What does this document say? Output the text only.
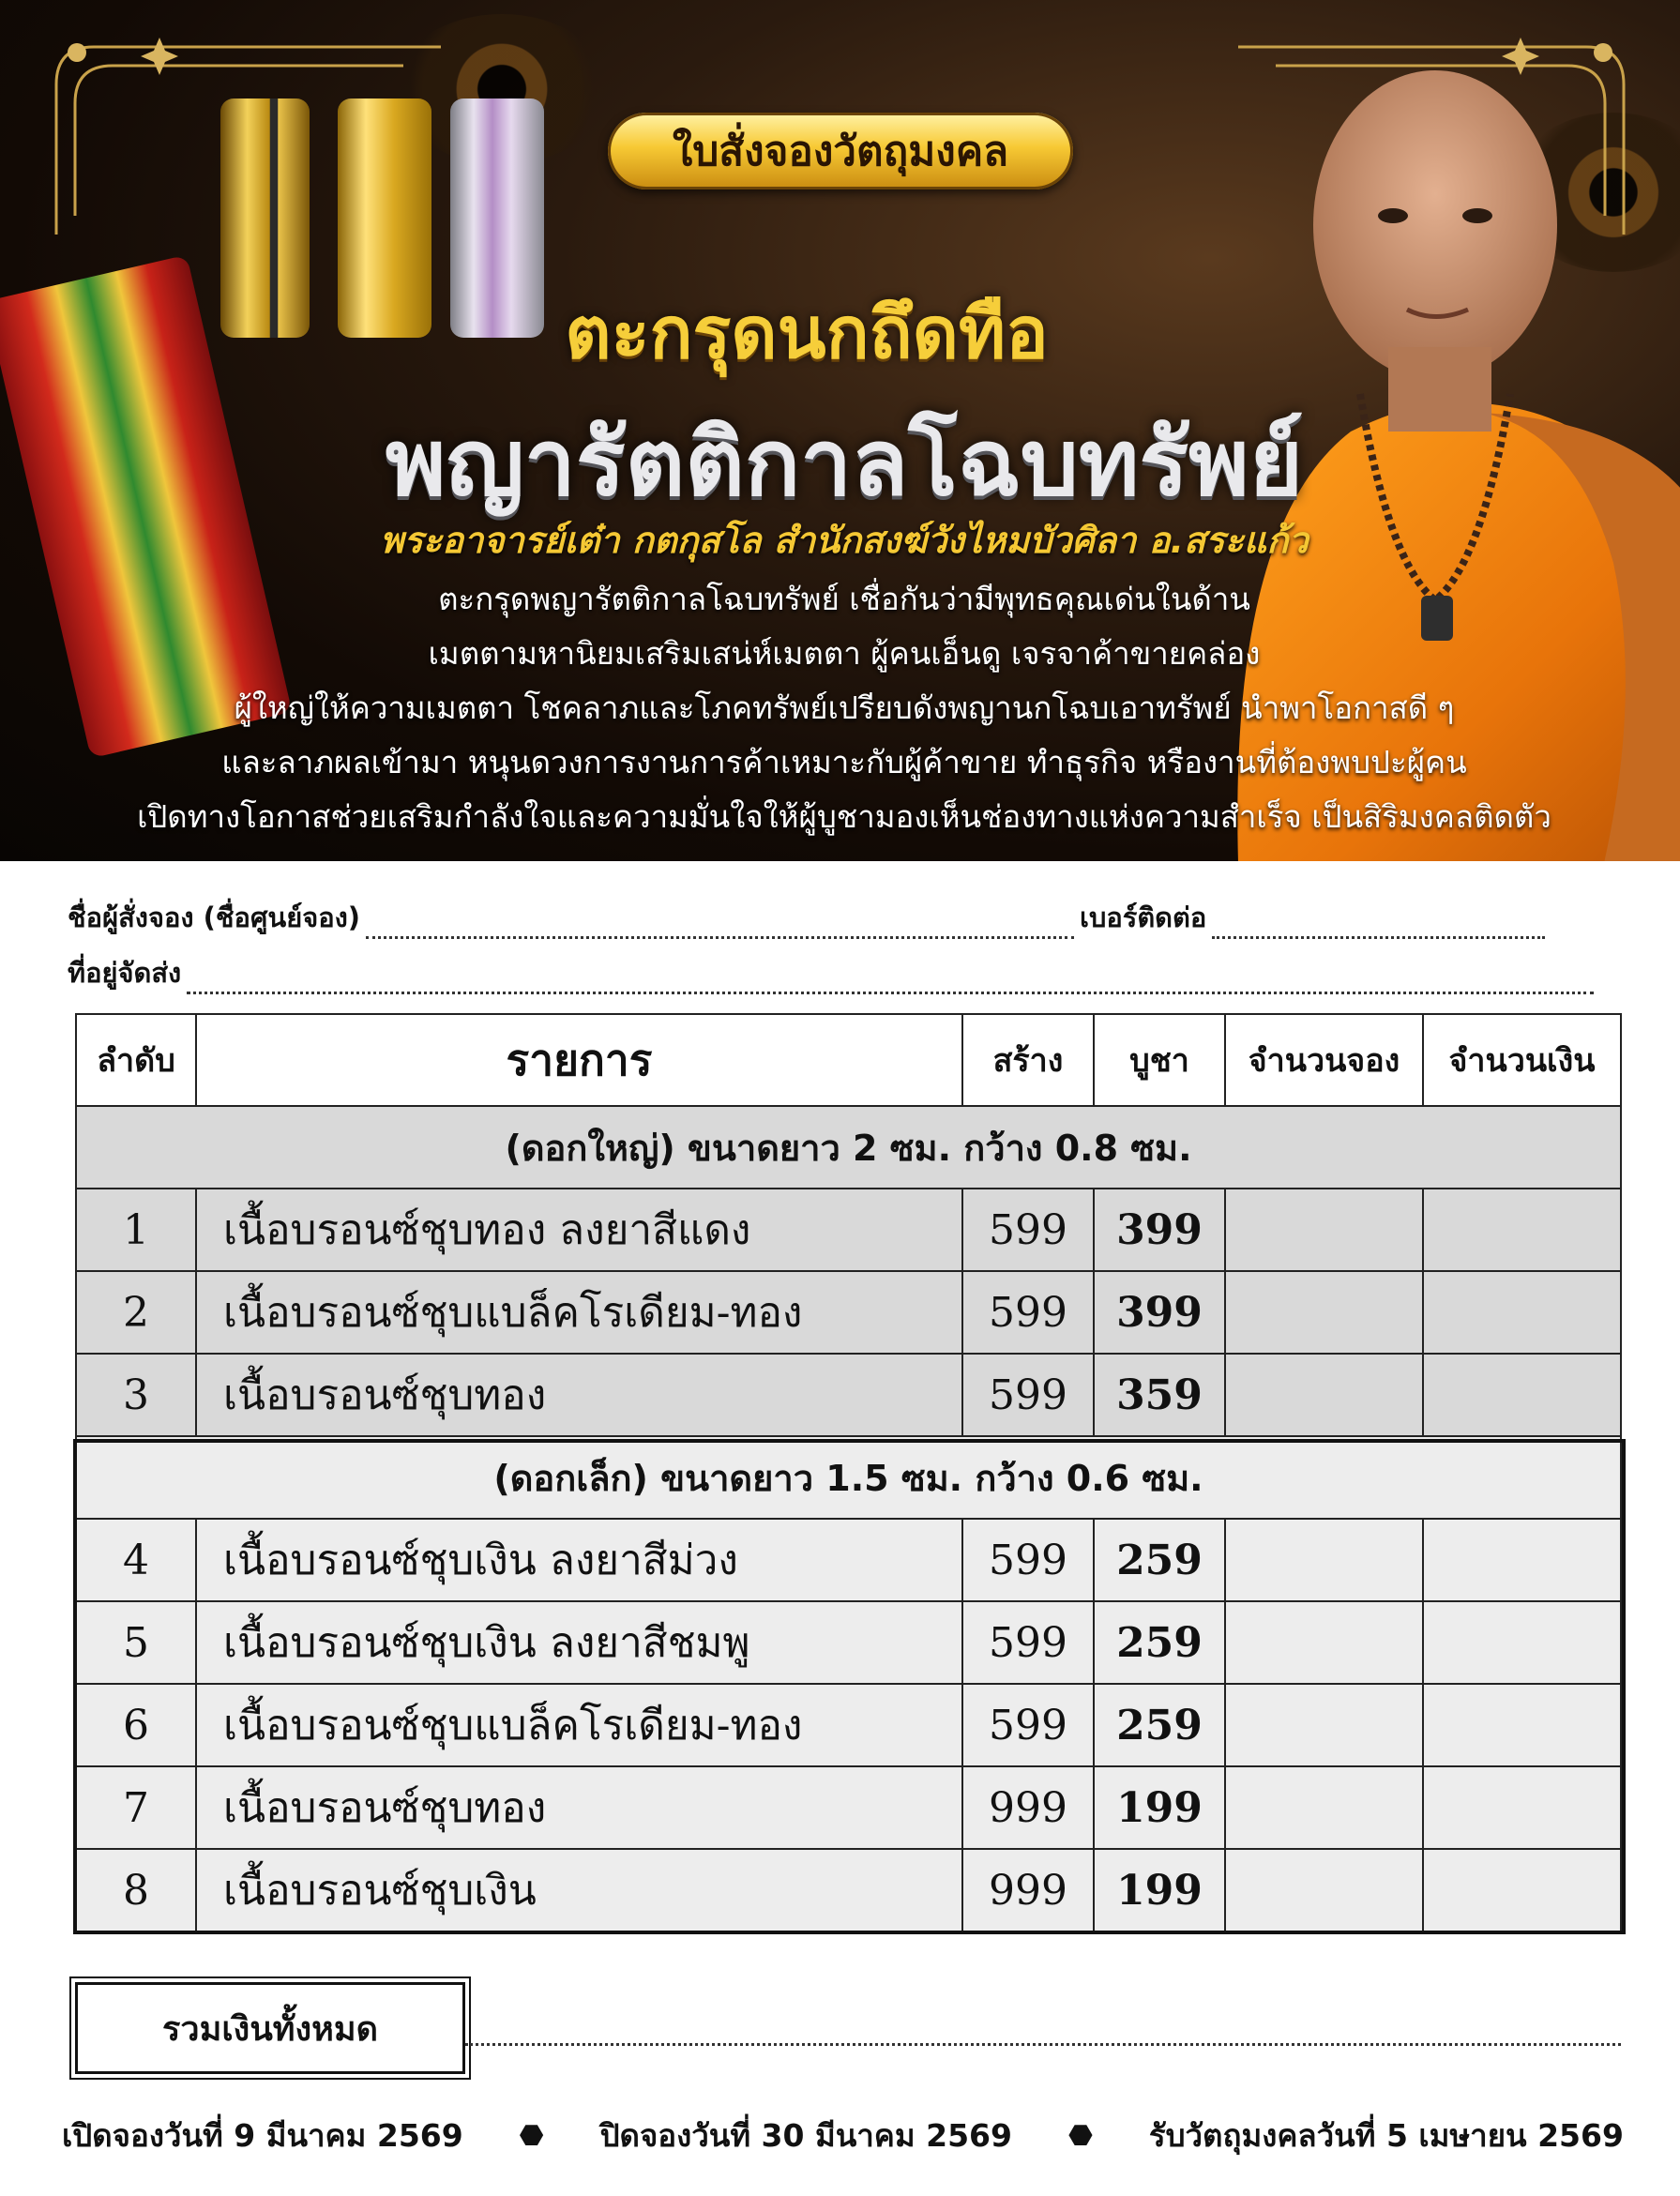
ใบสั่งจองวัตถุมงคล
ตะกรุดนกถึดทือ
พญารัตติกาลโฉบทรัพย์
พระอาจารย์เต๋า กตกุสโล สำนักสงฆ์วังไหมบัวศิลา อ.สระแก้ว
ตะกรุดพญารัตติกาลโฉบทรัพย์ เชื่อกันว่ามีพุทธคุณเด่นในด้าน
เมตตามหานิยมเสริมเสน่ห์เมตตา ผู้คนเอ็นดู เจรจาค้าขายคล่อง
ผู้ใหญ่ให้ความเมตตา โชคลาภและโภคทรัพย์เปรียบดังพญานกโฉบเอาทรัพย์ นำพาโอกาสดี ๆ
และลาภผลเข้ามา หนุนดวงการงานการค้าเหมาะกับผู้ค้าขาย ทำธุรกิจ หรืองานที่ต้องพบปะผู้คน
เปิดทางโอกาสช่วยเสริมกำลังใจและความมั่นใจให้ผู้บูชามองเห็นช่องทางแห่งความสำเร็จ เป็นสิริมงคลติดตัว
ชื่อผู้สั่งจอง (ชื่อศูนย์จอง)	เบอร์ติดต่อ
ที่อยู่จัดส่ง
ลำดับ	รายการ	สร้าง	บูชา	จำนวนจอง	จำนวนเงิน
(ดอกใหญ่) ขนาดยาว 2 ซม. กว้าง 0.8 ซม.					
1	เนื้อบรอนซ์ชุบทอง ลงยาสีแดง	599	399		
2	เนื้อบรอนซ์ชุบแบล็คโรเดียม-ทอง	599	399		
3	เนื้อบรอนซ์ชุบทอง	599	359		
(ดอกเล็ก) ขนาดยาว 1.5 ซม. กว้าง 0.6 ซม.					
4	เนื้อบรอนซ์ชุบเงิน ลงยาสีม่วง	599	259		
5	เนื้อบรอนซ์ชุบเงิน ลงยาสีชมพู	599	259		
6	เนื้อบรอนซ์ชุบแบล็คโรเดียม-ทอง	599	259		
7	เนื้อบรอนซ์ชุบทอง	999	199		
8	เนื้อบรอนซ์ชุบเงิน	999	199		
รวมเงินทั้งหมด
เปิดจองวันที่ 9 มีนาคม 2569 ⬣ ปิดจองวันที่ 30 มีนาคม 2569 ⬣ รับวัตถุมงคลวันที่ 5 เมษายน 2569
